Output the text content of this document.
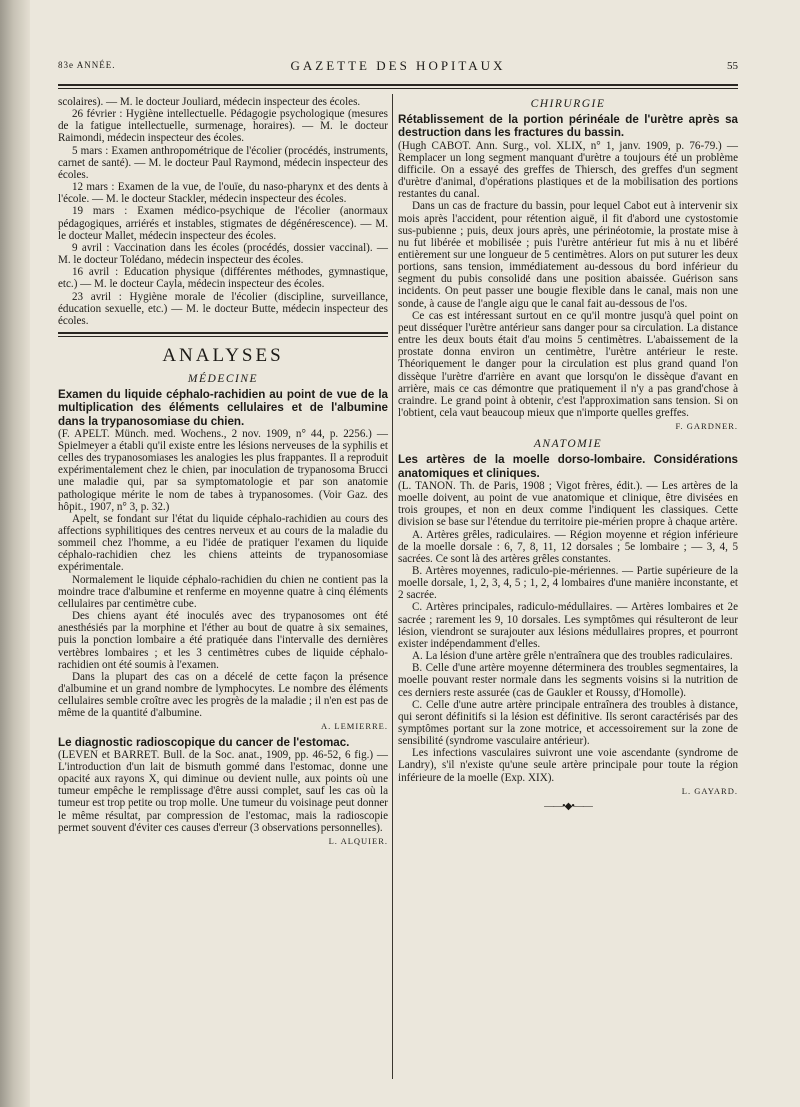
83e ANNÉE.	GAZETTE DES HOPITAUX	55

scolaires). — M. le docteur Jouliard, médecin inspecteur des écoles.

26 février : Hygiène intellectuelle. Pédagogie psychologique (mesures de la fatigue intellectuelle, surmenage, horaires). — M. le docteur Raimondi, médecin inspecteur des écoles.

5 mars : Examen anthropométrique de l'écolier (procédés, instruments, carnet de santé). — M. le docteur Paul Raymond, médecin inspecteur des écoles.

12 mars : Examen de la vue, de l'ouïe, du naso-pharynx et des dents à l'école. — M. le docteur Stackler, médecin inspecteur des écoles.

19 mars : Examen médico-psychique de l'écolier (anormaux pédagogiques, arriérés et instables, stigmates de dégénérescence). — M. le docteur Mallet, médecin inspecteur des écoles.

9 avril : Vaccination dans les écoles (procédés, dossier vaccinal). — M. le docteur Tolédano, médecin inspecteur des écoles.

16 avril : Education physique (différentes méthodes, gymnastique, etc.) — M. le docteur Cayla, médecin inspecteur des écoles.

23 avril : Hygiène morale de l'écolier (discipline, surveillance, éducation sexuelle, etc.) — M. le docteur Butte, médecin inspecteur des écoles.

ANALYSES
MÉDECINE
Examen du liquide céphalo-rachidien au point de vue de la multiplication des éléments cellulaires et de l'albumine dans la trypanosomiase du chien.

(F. APELT. Münch. med. Wochens., 2 nov. 1909, n° 44, p. 2256.) — Spielmeyer a établi qu'il existe entre les lésions nerveuses de la syphilis et celles des trypanosomiases les analogies les plus frappantes. Il a reproduit expérimentalement chez le chien, par inoculation de trypanosoma Brucci une maladie qui, par sa symptomatologie et par son anatomie pathologique mérite le nom de tabes à trypanosomes. (Voir Gaz. des hôpit., 1907, n° 3, p. 32.)

Apelt, se fondant sur l'état du liquide céphalo-rachidien au cours des affections syphilitiques des centres nerveux et au cours de la maladie du sommeil chez l'homme, a eu l'idée de pratiquer l'examen du liquide céphalo-rachidien chez les chiens atteints de trypanosomiase expérimentale.

Normalement le liquide céphalo-rachidien du chien ne contient pas la moindre trace d'albumine et renferme en moyenne quatre à cinq éléments cellulaires par centimètre cube.

Des chiens ayant été inoculés avec des trypanosomes ont été anesthésiés par la morphine et l'éther au bout de quatre à six semaines, puis la ponction lombaire a été pratiquée dans l'intervalle des dernières vertèbres lombaires ; et les 3 centimètres cubes de liquide céphalo-rachidien ont été soumis à l'examen.

Dans la plupart des cas on a décelé de cette façon la présence d'albumine et un grand nombre de lymphocytes. Le nombre des éléments cellulaires semble croître avec les progrès de la maladie ; il n'en est pas de même de la quantité d'albumine.

A. LEMIERRE.
Le diagnostic radioscopique du cancer de l'estomac.

(LEVEN et BARRET. Bull. de la Soc. anat., 1909, pp. 46-52, 6 fig.) — L'introduction d'un lait de bismuth gommé dans l'estomac, donne une opacité aux rayons X, qui diminue ou devient nulle, aux points où une tumeur empêche le remplissage d'être aussi complet, sauf les cas où la tumeur est trop petite ou trop molle. Une tumeur du voisinage peut donner le même résultat, par compression de l'estomac, mais la radioscopie permet souvent d'éviter ces causes d'erreur (3 observations personnelles).

L. ALQUIER.
CHIRURGIE
Rétablissement de la portion périnéale de l'urètre après sa destruction dans les fractures du bassin.

(Hugh CABOT. Ann. Surg., vol. XLIX, n° 1, janv. 1909, p. 76-79.) — Remplacer un long segment manquant d'urètre a toujours été un problème difficile. On a essayé des greffes de Thiersch, des greffes d'un segment d'urètre d'animal, d'opérations plastiques et de la mobilisation des portions restantes du canal.

Dans un cas de fracture du bassin, pour lequel Cabot eut à intervenir six mois après l'accident, pour rétention aiguë, il fit d'abord une cystostomie sus-pubienne ; puis, deux jours après, une périnéotomie, la prostate mise à nu fut libérée et mobilisée ; puis l'urètre antérieur fut mis à nu et libéré entièrement sur une longueur de 5 centimètres. Alors on put suturer les deux portions, sans tension, immédiatement au-dessous du bord inférieur du segment du pubis consolidé dans une position abaissée. Guérison sans incidents. On peut passer une bougie flexible dans le canal, mais non une sonde, à cause de l'angle aigu que le canal fait au-dessous de l'os.

Ce cas est intéressant surtout en ce qu'il montre jusqu'à quel point on peut disséquer l'urètre antérieur sans danger pour sa circulation. La distance entre les deux bouts était d'au moins 5 centimètres. L'abaissement de la prostate donna environ un centimètre, l'urètre antérieur le reste. Théoriquement le danger pour la circulation est plus grand quand l'on dissèque l'urètre d'arrière en avant que lorsqu'on le dissèque d'avant en arrière, mais ce cas démontre que pratiquement il n'y a pas grand'chose à craindre. Le grand point à obtenir, c'est l'approximation sans tension. Si on l'obtient, cela vaut beaucoup mieux que n'importe quelles greffes.

F. GARDNER.
ANATOMIE
Les artères de la moelle dorso-lombaire. Considérations anatomiques et cliniques.

(L. TANON. Th. de Paris, 1908 ; Vigot frères, édit.). — Les artères de la moelle doivent, au point de vue anatomique et clinique, être divisées en trois groupes, et non en deux comme l'indiquent les classiques. Cette division se base sur l'étendue du territoire pie-mérien propre à chaque artère.

A. Artères grêles, radiculaires. — Région moyenne et région inférieure de la moelle dorsale : 6, 7, 8, 11, 12 dorsales ; 5e lombaire ; — 3, 4, 5 sacrées. Ce sont là des artères grêles constantes.

B. Artères moyennes, radiculo-pie-mériennes. — Partie supérieure de la moelle dorsale, 1, 2, 3, 4, 5 ; 1, 2, 4 lombaires d'une manière inconstante, et 2 sacrée.

C. Artères principales, radiculo-médullaires. — Artères lombaires et 2e sacrée ; rarement les 9, 10 dorsales. Les symptômes qui résulteront de leur lésion, viendront se surajouter aux lésions médullaires propres, et pourront exister indépendamment d'elles.

A. La lésion d'une artère grêle n'entraînera que des troubles radiculaires.

B. Celle d'une artère moyenne déterminera des troubles segmentaires, la moelle pouvant rester normale dans les segments voisins si la nutrition de ces derniers reste assurée (cas de Gaukler et Roussy, d'Homolle).

C. Celle d'une autre artère principale entraînera des troubles à distance, qui seront définitifs si la lésion est définitive. Ils seront caractérisés par des symptômes portant sur la zone motrice, et accessoirement sur la zone de sensibilité (syndrome vasculaire antérieur).

Les infections vasculaires suivront une voie ascendante (syndrome de Landry), s'il n'existe qu'une seule artère principale pour toute la région inférieure de la moelle (Exp. XIX).

L. GAYARD.
——•◆•——
